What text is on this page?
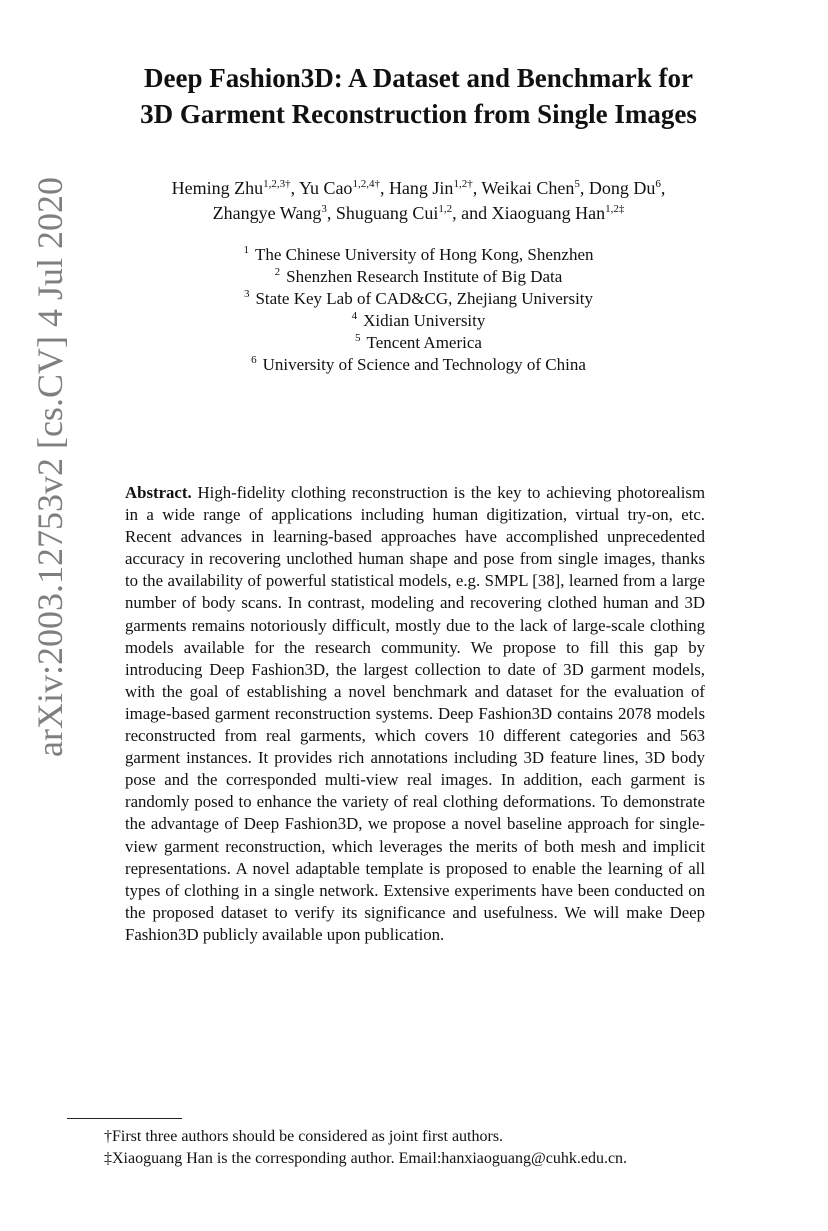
arXiv:2003.12753v2 [cs.CV] 4 Jul 2020
Deep Fashion3D: A Dataset and Benchmark for
3D Garment Reconstruction from Single Images
Heming Zhu$^{1,2,3\dagger}$, Yu Cao$^{1,2,4\dagger}$, Hang Jin$^{1,2\dagger}$, Weikai Chen$^5$, Dong Du$^6$,
Zhangye Wang$^3$, Shuguang Cui$^{1,2}$, and Xiaoguang Han$^{1,2\ddagger}$
$^1$ The Chinese University of Hong Kong, Shenzhen
$^2$ Shenzhen Research Institute of Big Data
$^3$ State Key Lab of CAD&CG, Zhejiang University
$^4$ Xidian University
$^5$ Tencent America
$^6$ University of Science and Technology of China

Abstract. High-fidelity clothing reconstruction is the key to achieving photorealism in a wide range of applications including human digitization, virtual try-on, etc. Recent advances in learning-based approaches have accomplished unprecedented accuracy in recovering unclothed human shape and pose from single images, thanks to the availability of powerful statistical models, e.g. SMPL [38], learned from a large number of body scans. In contrast, modeling and recovering clothed human and 3D garments remains notoriously difficult, mostly due to the lack of large-scale clothing models available for the research community. We propose to fill this gap by introducing Deep Fashion3D, the largest collection to date of 3D garment models, with the goal of establishing a novel benchmark and dataset for the evaluation of image-based garment reconstruction systems. Deep Fashion3D contains 2078 models reconstructed from real garments, which covers 10 different categories and 563 garment instances. It provides rich annotations including 3D feature lines, 3D body pose and the corresponded multi-view real images. In addition, each garment is randomly posed to enhance the variety of real clothing deformations. To demonstrate the advantage of Deep Fashion3D, we propose a novel baseline approach for single-view garment reconstruction, which leverages the merits of both mesh and implicit representations. A novel adaptable template is proposed to enable the learning of all types of clothing in a single network. Extensive experiments have been conducted on the proposed dataset to verify its significance and usefulness. We will make Deep Fashion3D publicly available upon publication.

†First three authors should be considered as joint first authors.
‡Xiaoguang Han is the corresponding author. Email:hanxiaoguang@cuhk.edu.cn.
